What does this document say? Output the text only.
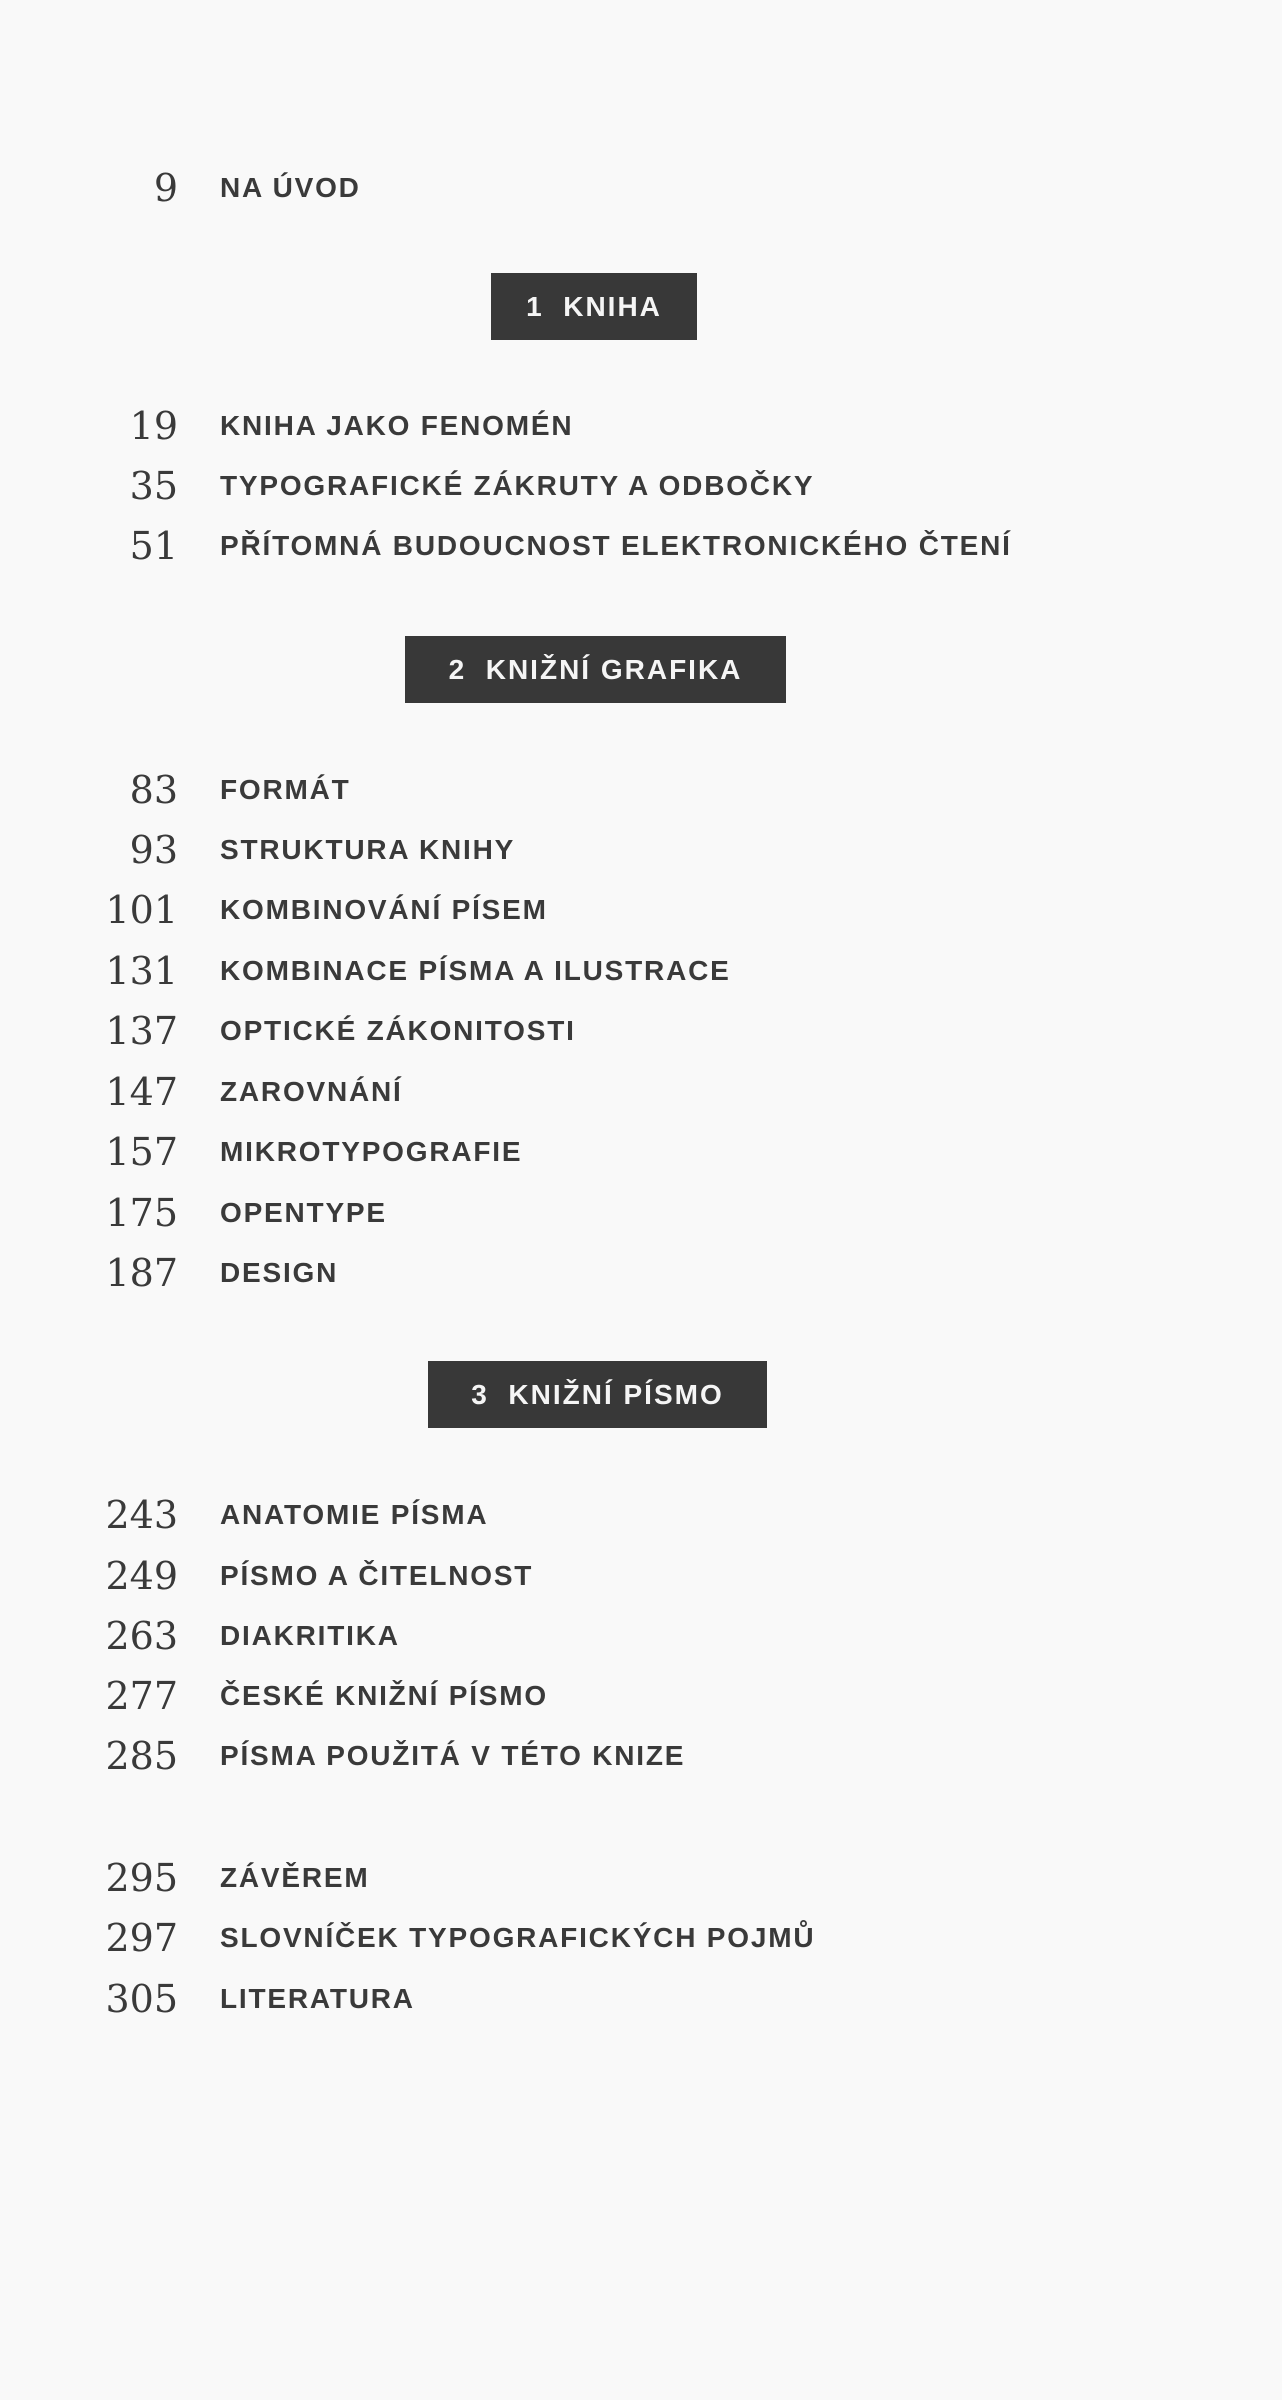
9 NA ÚVOD
1  KNIHA
19 KNIHA JAKO FENOMÉN
35 TYPOGRAFICKÉ ZÁKRUTY A ODBOČKY
51 PŘÍTOMNÁ BUDOUCNOST ELEKTRONICKÉHO ČTENÍ
2  KNIŽNÍ GRAFIKA
83 FORMÁT
93 STRUKTURA KNIHY
101 KOMBINOVÁNÍ PÍSEM
131 KOMBINACE PÍSMA A ILUSTRACE
137 OPTICKÉ ZÁKONITOSTI
147 ZAROVNÁNÍ
157 MIKROTYPOGRAFIE
175 OPENTYPE
187 DESIGN
3  KNIŽNÍ PÍSMO
243 ANATOMIE PÍSMA
249 PÍSMO A ČITELNOST
263 DIAKRITIKA
277 ČESKÉ KNIŽNÍ PÍSMO
285 PÍSMA POUŽITÁ V TÉTO KNIZE
295 ZÁVĚREM
297 SLOVNÍČEK TYPOGRAFICKÝCH POJMŮ
305 LITERATURA
